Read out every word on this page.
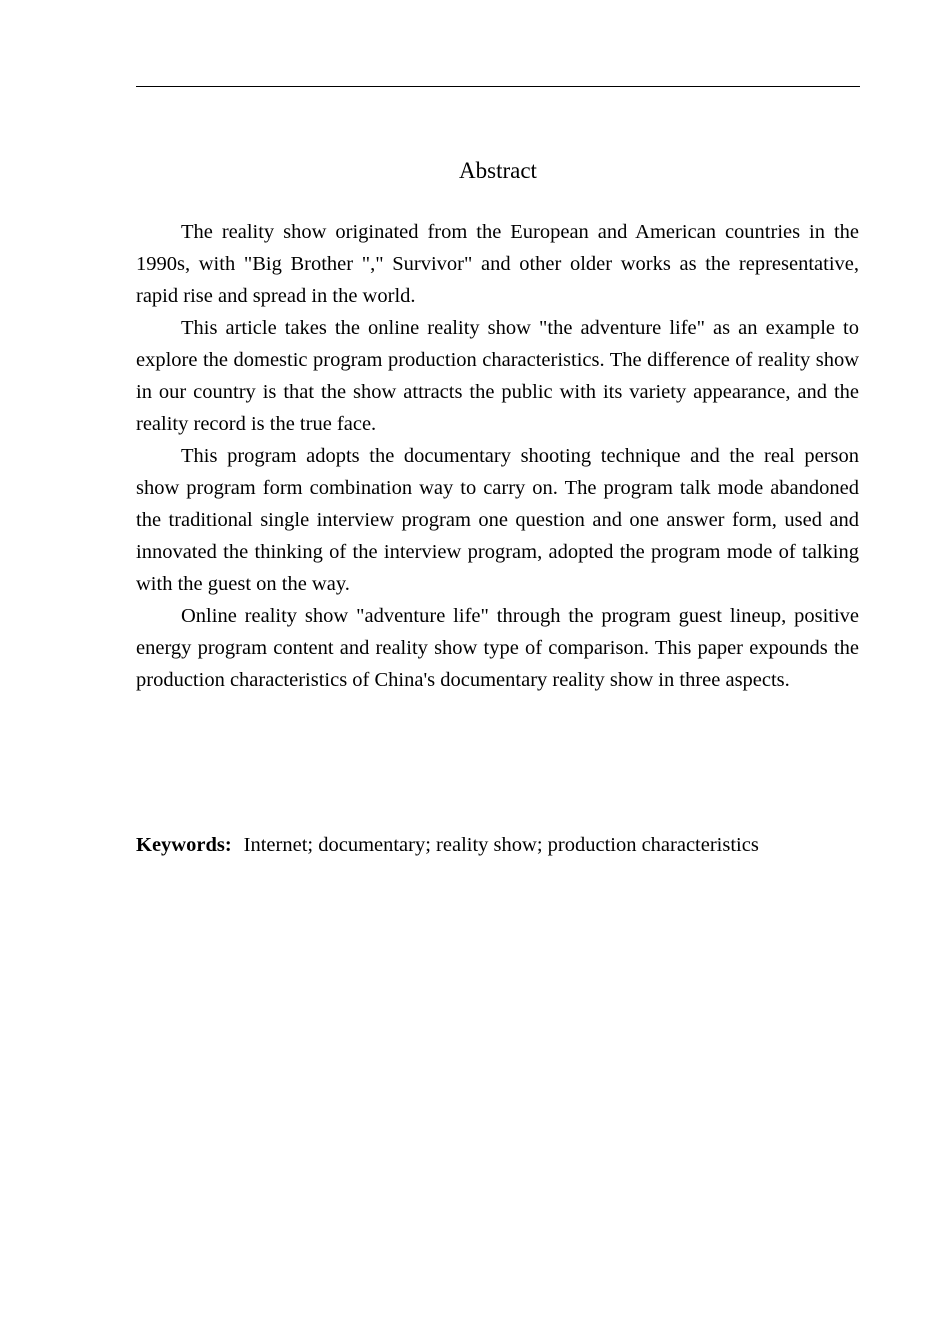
Abstract

The reality show originated from the European and American countries in the 1990s, with "Big Brother "," Survivor" and other older works as the representative, rapid rise and spread in the world.

This article takes the online reality show "the adventure life" as an example to explore the domestic program production characteristics. The difference of reality show in our country is that the show attracts the public with its variety appearance, and the reality record is the true face.

This program adopts the documentary shooting technique and the real person show program form combination way to carry on. The program talk mode abandoned the traditional single interview program one question and one answer form, used and innovated the thinking of the interview program, adopted the program mode of talking with the guest on the way.

Online reality show "adventure life" through the program guest lineup, positive energy program content and reality show type of comparison. This paper expounds the production characteristics of China's documentary reality show in three aspects.

Keywords: Internet; documentary; reality show; production characteristics
